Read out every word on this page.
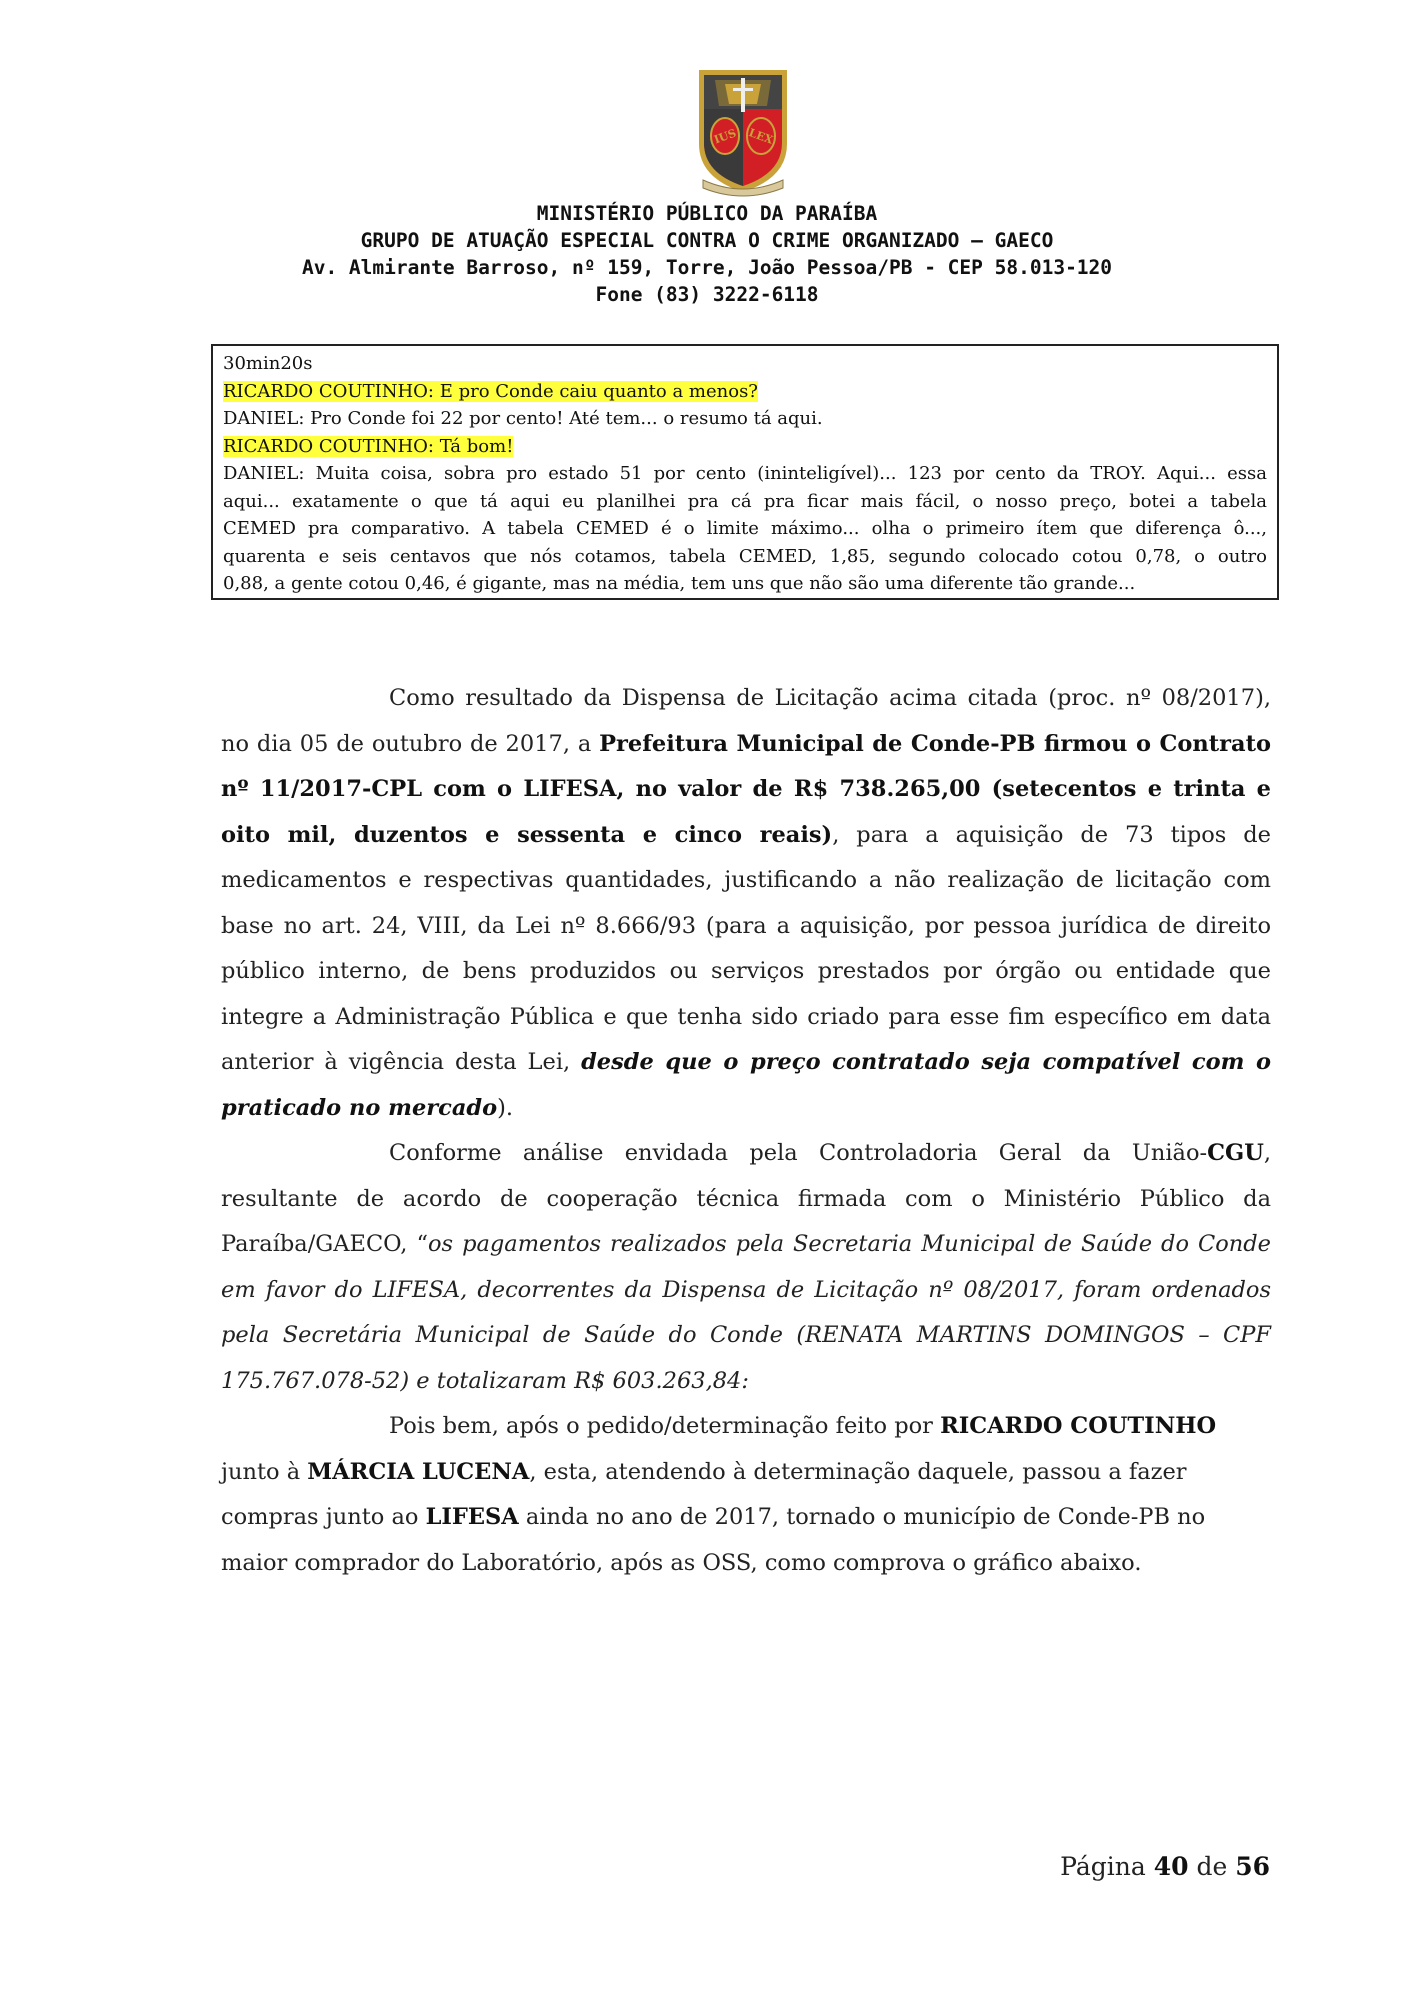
IUS LEX
MINISTÉRIO PÚBLICO DA PARAÍBA
GRUPO DE ATUAÇÃO ESPECIAL CONTRA O CRIME ORGANIZADO – GAECO
Av. Almirante Barroso, nº 159, Torre, João Pessoa/PB - CEP 58.013-120
Fone (83) 3222-6118

30min20s

RICARDO COUTINHO: E pro Conde caiu quanto a menos?

DANIEL: Pro Conde foi 22 por cento! Até tem... o resumo tá aqui.

RICARDO COUTINHO: Tá bom!

DANIEL: Muita coisa, sobra pro estado 51 por cento (ininteligível)... 123 por cento da TROY. Aqui... essa

aqui... exatamente o que tá aqui eu planilhei pra cá pra ficar mais fácil, o nosso preço, botei a tabela

CEMED pra comparativo. A tabela CEMED é o limite máximo... olha o primeiro ítem que diferença ô...,

quarenta e seis centavos que nós cotamos, tabela CEMED, 1,85, segundo colocado cotou 0,78, o outro

0,88, a gente cotou 0,46, é gigante, mas na média, tem uns que não são uma diferente tão grande...

Como resultado da Dispensa de Licitação acima citada (proc. nº 08/2017), no dia 05 de outubro de 2017, a Prefeitura Municipal de Conde-PB firmou o Contrato nº 11/2017-CPL com o LIFESA, no valor de R$ 738.265,00 (setecentos e trinta e oito mil, duzentos e sessenta e cinco reais), para a aquisição de 73 tipos de medicamentos e respectivas quantidades, justificando a não realização de licitação com base no art. 24, VIII, da Lei nº 8.666/93 (para a aquisição, por pessoa jurídica de direito público interno, de bens produzidos ou serviços prestados por órgão ou entidade que integre a Administração Pública e que tenha sido criado para esse fim específico em data anterior à vigência desta Lei, desde que o preço contratado seja compatível com o praticado no mercado).

Conforme análise envidada pela Controladoria Geral da União-CGU, resultante de acordo de cooperação técnica firmada com o Ministério Público da Paraíba/GAECO, “os pagamentos realizados pela Secretaria Municipal de Saúde do Conde em favor do LIFESA, decorrentes da Dispensa de Licitação nº 08/2017, foram ordenados pela Secretária Municipal de Saúde do Conde (RENATA MARTINS DOMINGOS – CPF 175.767.078-52) e totalizaram R$ 603.263,84:

Pois bem, após o pedido/determinação feito por RICARDO COUTINHO junto à MÁRCIA LUCENA, esta, atendendo à determinação daquele, passou a fazer compras junto ao LIFESA ainda no ano de 2017, tornado o município de Conde-PB no maior comprador do Laboratório, após as OSS, como comprova o gráfico abaixo.

Página 40 de 56
